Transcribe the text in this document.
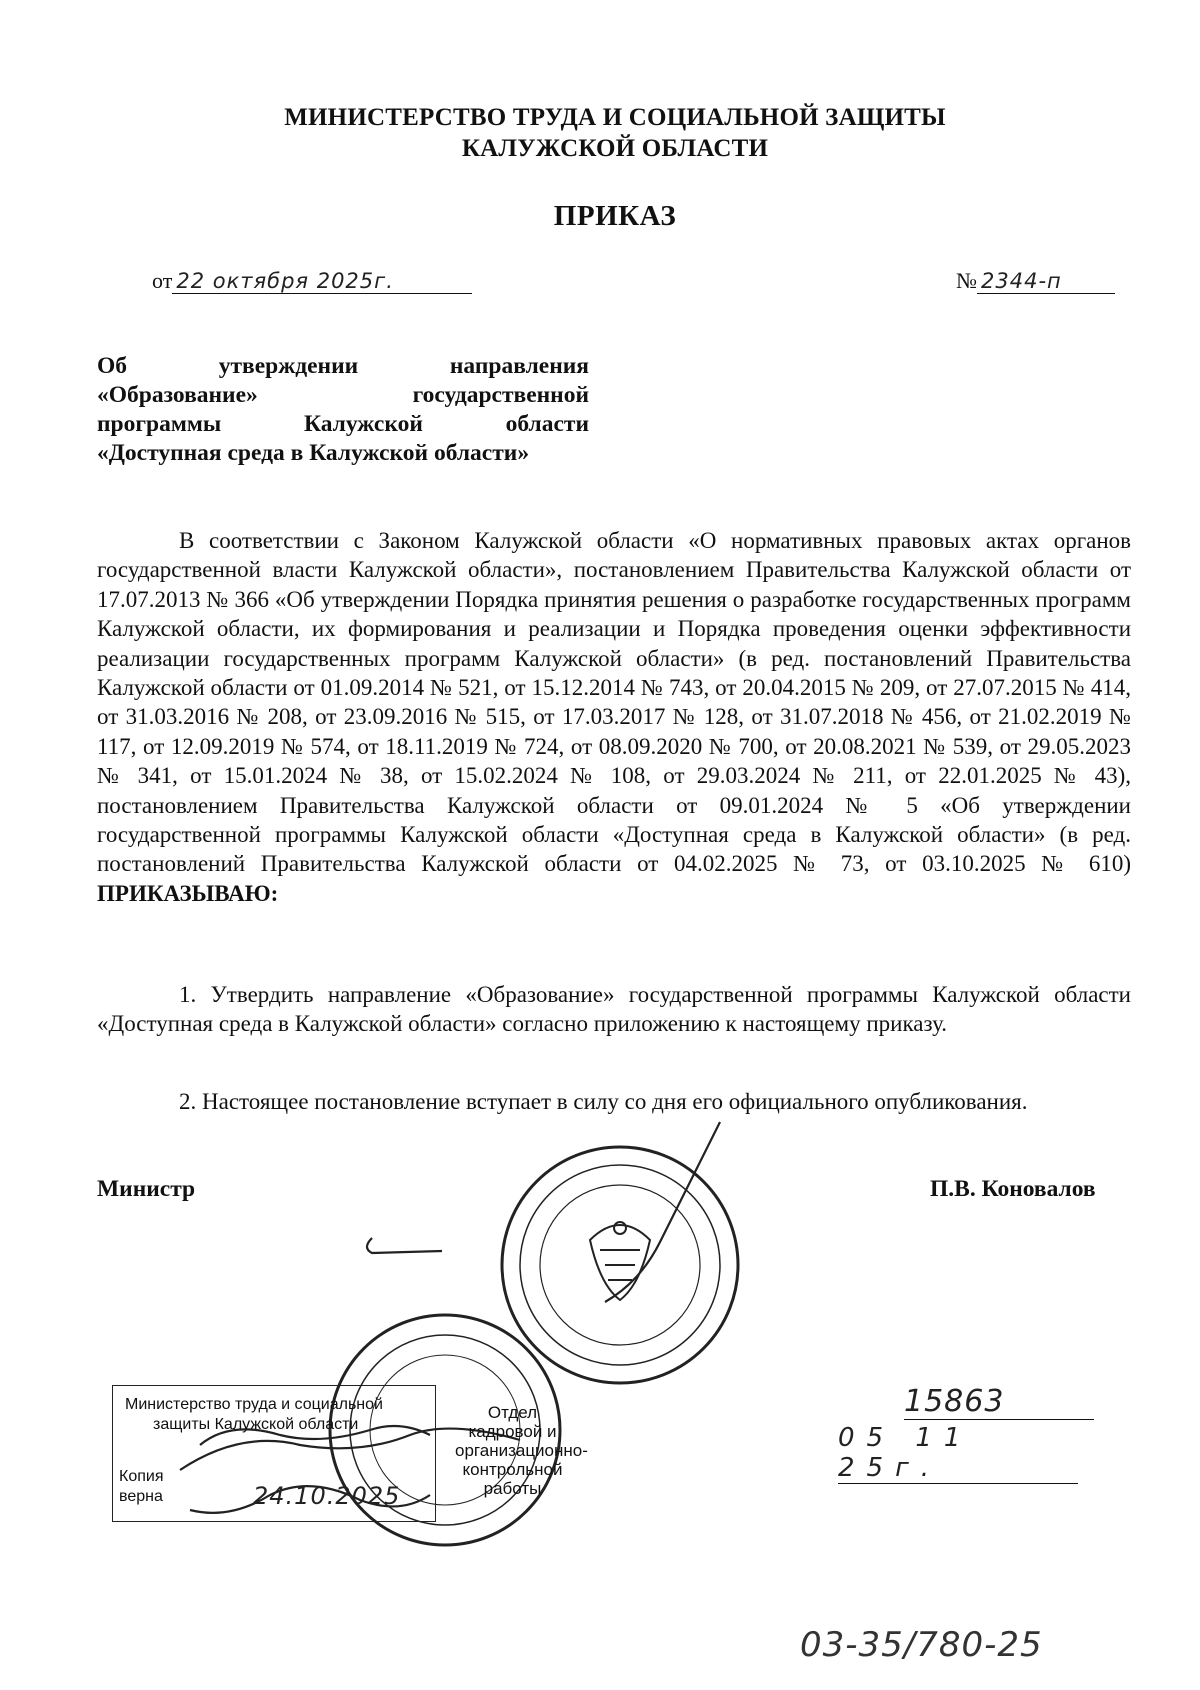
МИНИСТЕРСТВО ТРУДА И СОЦИАЛЬНОЙ ЗАЩИТЫ
КАЛУЖСКОЙ ОБЛАСТИ
ПРИКАЗ
от 22 октября 2025г.	№ 2344-п
Об утверждении направления
«Образование» государственной
программы Калужской области
«Доступная среда в Калужской области»

В соответствии с Законом Калужской области «О нормативных правовых актах органов государственной власти Калужской области», постановлением Правительства Калужской области от 17.07.2013 № 366 «Об утверждении Порядка принятия решения о разработке государственных программ Калужской области, их формирования и реализации и Порядка проведения оценки эффективности реализации государственных программ Калужской области» (в ред. постановлений Правительства Калужской области от 01.09.2014 № 521, от 15.12.2014 № 743, от 20.04.2015 № 209, от 27.07.2015 № 414, от 31.03.2016 № 208, от 23.09.2016 № 515, от 17.03.2017 № 128, от 31.07.2018 № 456, от 21.02.2019 № 117, от 12.09.2019 № 574, от 18.11.2019 № 724, от 08.09.2020 № 700, от 20.08.2021 № 539, от 29.05.2023 № 341, от 15.01.2024 № 38, от 15.02.2024 № 108, от 29.03.2024 № 211, от 22.01.2025 № 43), постановлением Правительства Калужской области от 09.01.2024 № 5 «Об утверждении государственной программы Калужской области «Доступная среда в Калужской области» (в ред. постановлений Правительства Калужской области от 04.02.2025 № 73, от 03.10.2025 № 610) ПРИКАЗЫВАЮ:

1. Утвердить направление «Образование» государственной программы Калужской области «Доступная среда в Калужской области» согласно приложению к настоящему приказу.

2. Настоящее постановление вступает в силу со дня его официального опубликования.

Министр	П.В. Коновалов
Министерство труда и социальной
защиты Калужской области
Копия
верна	24.10.2025
Отдел кадровой и организационно-контрольной работы

15863
05 11 25г.
03-35/780-25
